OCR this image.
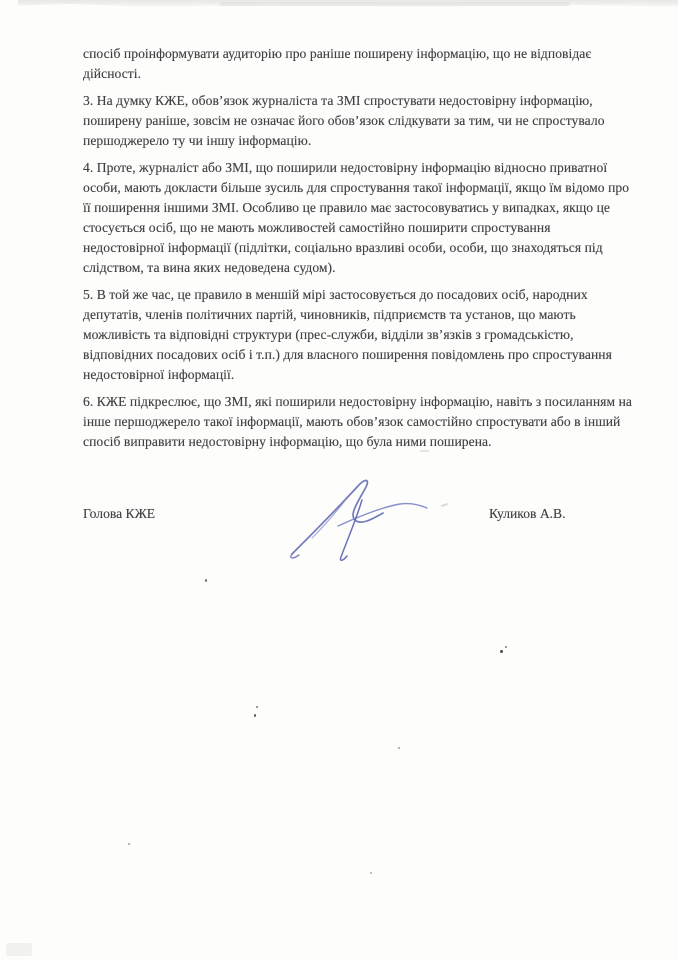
спосіб проінформувати аудиторію про раніше поширену інформацію, що не відповідає
дійсності.
3. На думку КЖЕ, обов’язок журналіста та ЗМІ спростувати недостовірну інформацію,
поширену раніше, зовсім не означає його обов’язок слідкувати за тим, чи не спростувало
першоджерело ту чи іншу інформацію.
4. Проте, журналіст або ЗМІ, що поширили недостовірну інформацію відносно приватної
особи, мають докласти більше зусиль для спростування такої інформації, якщо їм відомо про
її поширення іншими ЗМІ. Особливо це правило має застосовуватись у випадках, якщо це
стосується осіб, що не мають можливостей самостійно поширити спростування
недостовірної інформації (підлітки, соціально вразливі особи, особи, що знаходяться під
слідством, та вина яких недоведена судом).
5. В той же час, це правило в меншій мірі застосовується до посадових осіб, народних
депутатів, членів політичних партій, чиновників, підприємств та установ, що мають
можливість та відповідні структури (прес-служби, відділи зв’язків з громадськістю,
відповідних посадових осіб і т.п.) для власного поширення повідомлень про спростування
недостовірної інформації.
6. КЖЕ підкреслює, що ЗМІ, які поширили недостовірну інформацію, навіть з посиланням на
інше першоджерело такої інформації, мають обов’язок самостійно спростувати або в інший
спосіб виправити недостовірну інформацію, що була ними поширена.
Голова КЖЕ	Куликов А.В.
